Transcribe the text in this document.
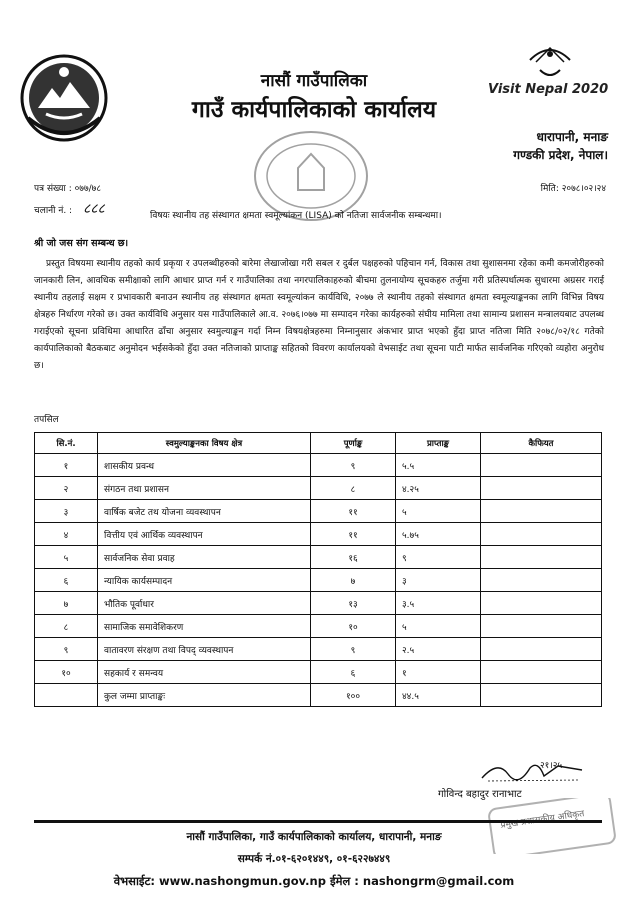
नासौं गाउँपालिका
गाउँ कार्यपालिकाको कार्यालय
Visit Nepal 2020
धारापानी, मनाङ
गण्डकी प्रदेश, नेपाल।
पत्र संख्या : ०७७/७८
चलानी नं. : ८८८
मिति: २०७८।०२।२४
विषयः स्थानीय तह संस्थागत क्षमता स्वमूल्यांकन (LISA) को नतिजा सार्वजनीक सम्बन्धमा।
श्री जो जस संग सम्बन्ध छ।
प्रस्तुत विषयमा स्थानीय तहको कार्य प्रकृया र उपलब्धीहरुको बारेमा लेखाजोखा गरी सबल र दुर्बल पक्षहरुको पहिचान गर्न, विकास तथा सुशासनमा रहेका कमी कमजोरीहरुको जानकारी लिन, आवधिक समीक्षाको लागि आधार प्राप्त गर्न र गाउँपालिका तथा नगरपालिकाहरुको बीचमा तुलनायोग्य सूचकहरु तर्जुमा गरी प्रतिस्पर्धात्मक सुधारमा अग्रसर गराई स्थानीय तहलाई सक्षम र प्रभावकारी बनाउन स्थानीय तह संस्थागत क्षमता स्वमूल्यांकन कार्यविधि, २०७७ ले स्थानीय तहको संस्थागत क्षमता स्वमूल्याङ्कनका लागि विभिन्न विषय क्षेत्रहरु निर्धारण गरेको छ। उक्त कार्यविधि अनुसार यस गाउँपालिकाले आ.व. २०७६।०७७ मा सम्पादन गरेका कार्यहरुको संघीय मामिला तथा सामान्य प्रशासन मन्त्रालयबाट उपलब्ध गराईएको सूचना प्रविधिमा आधारित ढाँचा अनुसार स्वमुल्याङ्कन गर्दा निम्न विषयक्षेत्रहरुमा निम्नानुसार अंकभार प्राप्त भएको हुँदा प्राप्त नतिजा मिति २०७८/०२/१८ गतेको कार्यपालिकाको बैठकबाट अनुमोदन भईसकेको हुँदा उक्त नतिजाको प्राप्ताङ्क सहितको विवरण कार्यालयको वेभसाईट तथा सूचना पाटी मार्फत सार्वजनिक गरिएको व्यहोरा अनुरोध छ।
तपसिल
सि.नं.	स्वमुल्याङ्कनका विषय क्षेत्र	पूर्णाङ्क	प्राप्ताङ्क	कैफियत
१	शासकीय प्रवन्ध	९	५.५	
२	संगठन तथा प्रशासन	८	४.२५	
३	वार्षिक बजेट तथ योजना व्यवस्थापन	११	५	
४	वित्तीय एवं आर्थिक व्यवस्थापन	११	५.७५	
५	सार्वजनिक सेवा प्रवाह	१६	९	
६	न्यायिक कार्यसम्पादन	७	३	
७	भौतिक पूर्वाधार	१३	३.५	
८	सामाजिक समावेशिकरण	१०	५	
९	वातावरण संरक्षण तथा विपद् व्यवस्थापन	९	२.५	
१०	सहकार्य र समन्वय	६	१	
	कुल जम्मा प्राप्ताङ्कः	१००	४४.५	
२१।२५
गोविन्द बहादुर रानाभाट
प्रमुख प्रशासकीय अधिकृत
नासौं गाउँपालिका, गाउँ कार्यपालिकाको कार्यालय, धारापानी, मनाङ
सम्पर्क नं.०१-६२०१४४९, ०१-६२२७४४९
वेभसाईट: www.nashongmun.gov.np ईमेल : nashongrm@gmail.com
